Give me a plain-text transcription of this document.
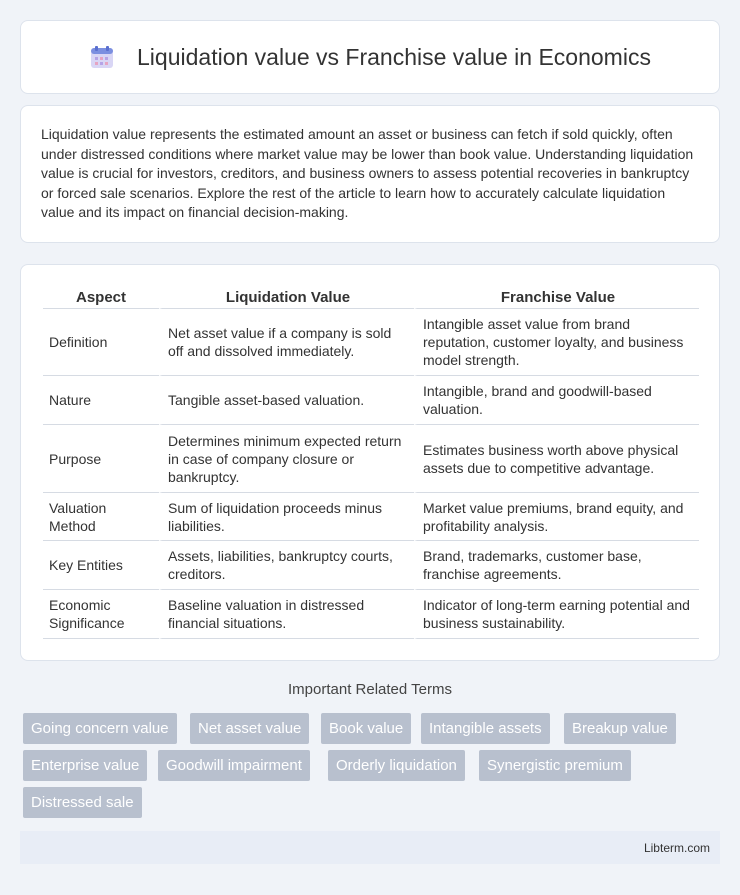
Liquidation value vs Franchise value in Economics

Liquidation value represents the estimated amount an asset or business can fetch if sold quickly, often under distressed conditions where market value may be lower than book value. Understanding liquidation value is crucial for investors, creditors, and business owners to assess potential recoveries in bankruptcy or forced sale scenarios. Explore the rest of the article to learn how to accurately calculate liquidation value and its impact on financial decision-making.

Aspect	Liquidation Value	Franchise Value
Definition	Net asset value if a company is sold off and dissolved immediately.	Intangible asset value from brand reputation, customer loyalty, and business model strength.
Nature	Tangible asset-based valuation.	Intangible, brand and goodwill-based valuation.
Purpose	Determines minimum expected return in case of company closure or bankruptcy.	Estimates business worth above physical assets due to competitive advantage.
Valuation Method	Sum of liquidation proceeds minus liabilities.	Market value premiums, brand equity, and profitability analysis.
Key Entities	Assets, liabilities, bankruptcy courts, creditors.	Brand, trademarks, customer base, franchise agreements.
Economic Significance	Baseline valuation in distressed financial situations.	Indicator of long-term earning potential and business sustainability.
Important Related Terms
Going concern value	Net asset value	Book value	Intangible assets	Breakup value
Enterprise value	Goodwill impairment	Orderly liquidation	Synergistic premium
Distressed sale
Libterm.com
